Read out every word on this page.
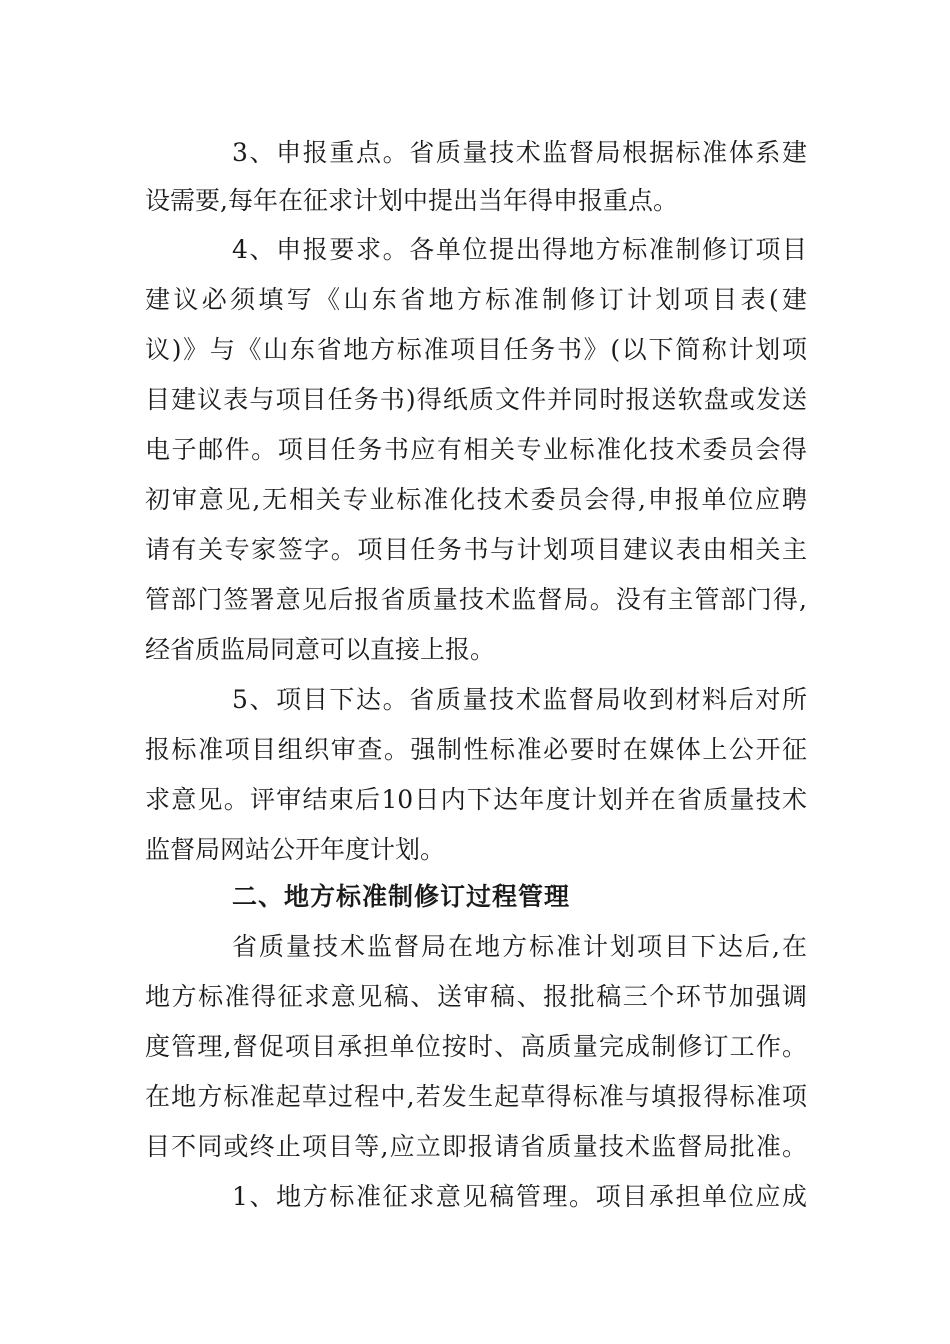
3、申报重点。省质量技术监督局根据标准体系建
设需要,每年在征求计划中提出当年得申报重点。
4、申报要求。各单位提出得地方标准制修订项目
建议必须填写《山东省地方标准制修订计划项目表(建
议)》与《山东省地方标准项目任务书》(以下简称计划项
目建议表与项目任务书)得纸质文件并同时报送软盘或发送
电子邮件。项目任务书应有相关专业标准化技术委员会得
初审意见,无相关专业标准化技术委员会得,申报单位应聘
请有关专家签字。项目任务书与计划项目建议表由相关主
管部门签署意见后报省质量技术监督局。没有主管部门得,
经省质监局同意可以直接上报。
5、项目下达。省质量技术监督局收到材料后对所
报标准项目组织审查。强制性标准必要时在媒体上公开征
求意见。评审结束后10日内下达年度计划并在省质量技术
监督局网站公开年度计划。
二、地方标准制修订过程管理
省质量技术监督局在地方标准计划项目下达后,在
地方标准得征求意见稿、送审稿、报批稿三个环节加强调
度管理,督促项目承担单位按时、高质量完成制修订工作。
在地方标准起草过程中,若发生起草得标准与填报得标准项
目不同或终止项目等,应立即报请省质量技术监督局批准。
1、地方标准征求意见稿管理。项目承担单位应成
